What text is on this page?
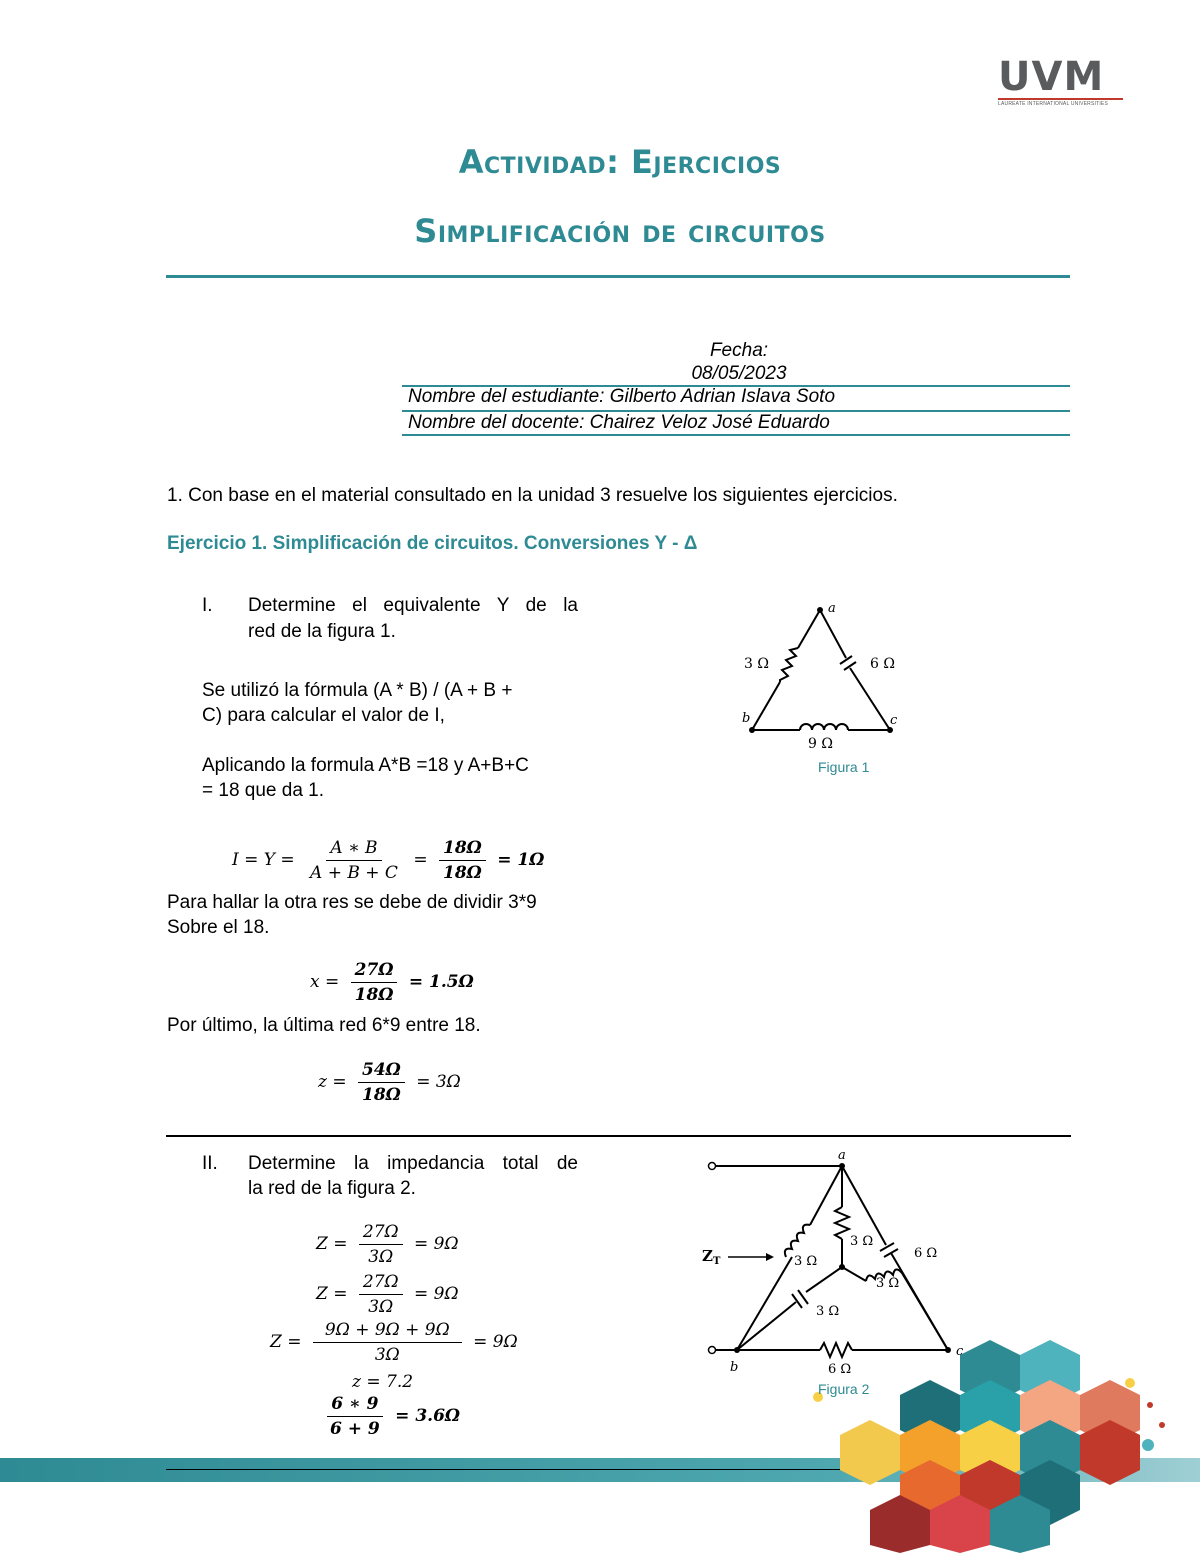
UVM
LAUREATE INTERNATIONAL UNIVERSITIES
Actividad: Ejercicios
Simplificación de circuitos
Fecha:
08/05/2023
Nombre del estudiante: Gilberto Adrian Islava Soto
Nombre del docente: Chairez Veloz José Eduardo
1. Con base en el material consultado en la unidad 3 resuelve los siguientes ejercicios.
Ejercicio 1. Simplificación de circuitos. Conversiones Y - Δ
I. Determine el equivalente Y de la
red de la figura 1.
Se utilizó la fórmula (A * B) / (A + B +
C) para calcular el valor de I,
Aplicando la formula A*B =18 y A+B+C
= 18 que da 1.
$I = Y = \frac{A ∗ B}{A + B + C} = \frac{18\Omega}{18\Omega} = 1\Omega$
Para hallar la otra res se debe de dividir 3*9
Sobre el 18.
$x = \frac{27\Omega}{18\Omega} = 1.5\Omega$
Por último, la última red 6*9 entre 18.
$z = \frac{54\Omega}{18\Omega} = 3\Omega$
a
b	c
3 Ω	6 Ω
9 Ω
Figura 1
II. Determine la impedancia total de
la red de la figura 2.
$Z = \frac{27\Omega}{3\Omega} = 9\Omega$
$Z = \frac{27\Omega}{3\Omega} = 9\Omega$
$Z = \frac{9\Omega + 9\Omega + 9\Omega}{3\Omega} = 9\Omega$
z = 7.2
$\frac{6 ∗ 9}{6 + 9} = 3.6\Omega$
$Z_T$
a
b
c
3 Ω
6 Ω
3 Ω
3 Ω
3 Ω
6 Ω
Figura 2
